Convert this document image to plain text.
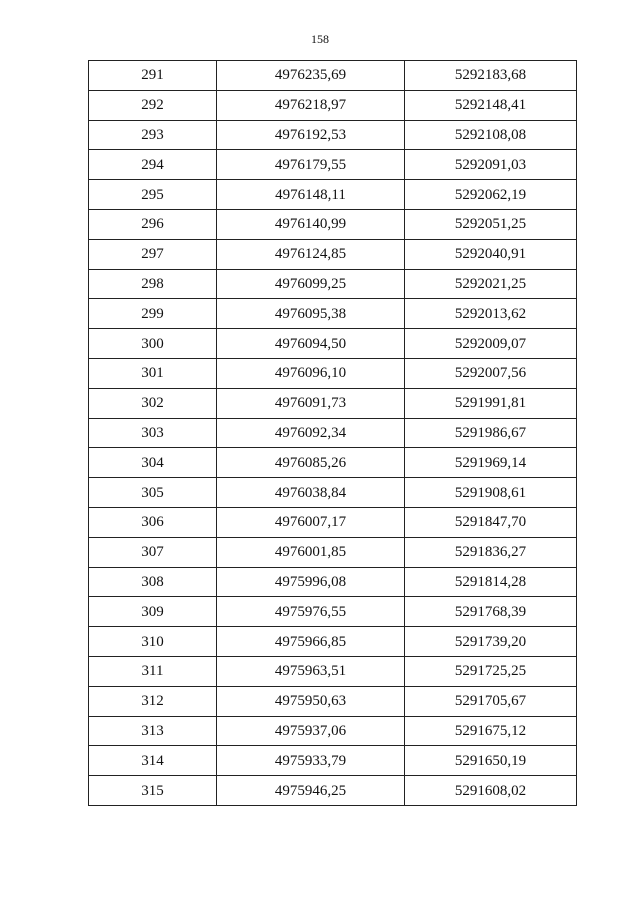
158
291	4976235,69	5292183,68
292	4976218,97	5292148,41
293	4976192,53	5292108,08
294	4976179,55	5292091,03
295	4976148,11	5292062,19
296	4976140,99	5292051,25
297	4976124,85	5292040,91
298	4976099,25	5292021,25
299	4976095,38	5292013,62
300	4976094,50	5292009,07
301	4976096,10	5292007,56
302	4976091,73	5291991,81
303	4976092,34	5291986,67
304	4976085,26	5291969,14
305	4976038,84	5291908,61
306	4976007,17	5291847,70
307	4976001,85	5291836,27
308	4975996,08	5291814,28
309	4975976,55	5291768,39
310	4975966,85	5291739,20
311	4975963,51	5291725,25
312	4975950,63	5291705,67
313	4975937,06	5291675,12
314	4975933,79	5291650,19
315	4975946,25	5291608,02
